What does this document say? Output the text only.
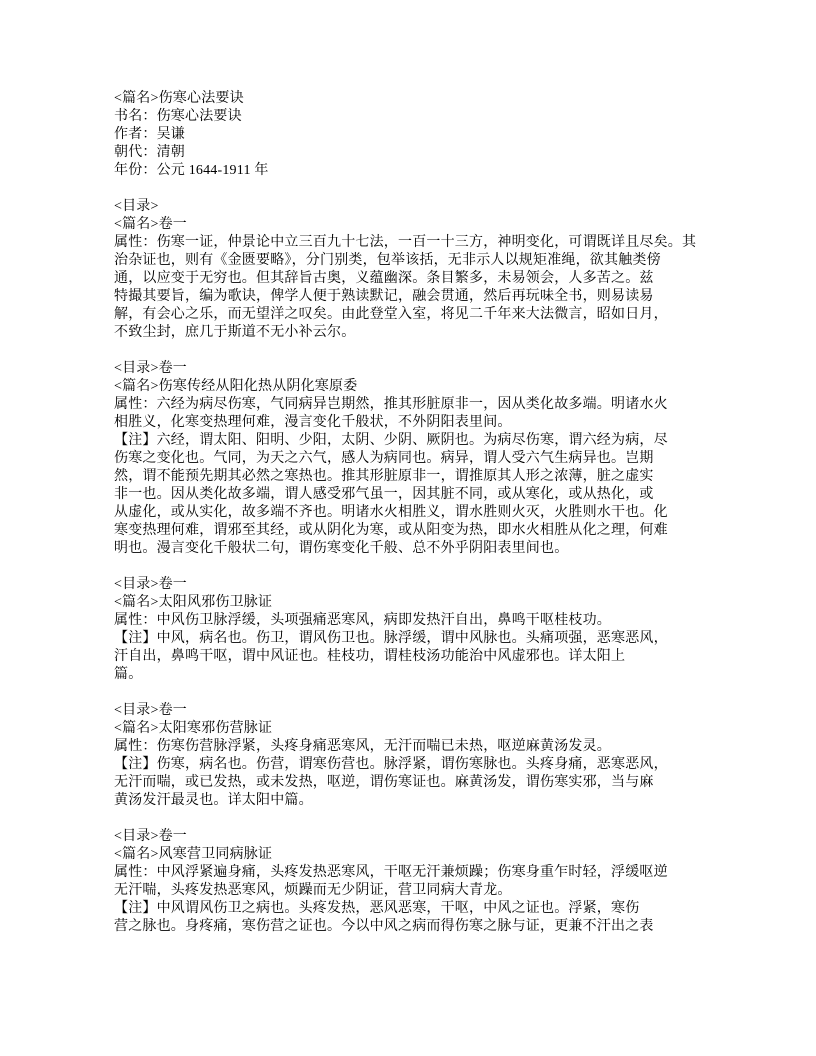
<篇名>伤寒心法要诀
书名：伤寒心法要诀
作者：吴谦
朝代：清朝
年份：公元 1644-1911 年
<目录>
<篇名>卷一
属性：伤寒一证，仲景论中立三百九十七法，一百一十三方，神明变化，可谓既详且尽矣。其
治杂证也，则有《金匮要略》，分门别类，包举该括，无非示人以规矩准绳，欲其触类傍
通，以应变于无穷也。但其辞旨古奥，义蕴幽深。条目繁多，未易领会，人多苦之。兹
特撮其要旨，编为歌诀，俾学人便于熟读默记，融会贯通，然后再玩味全书，则易读易
解，有会心之乐，而无望洋之叹矣。由此登堂入室，将见二千年来大法微言，昭如日月，
不致尘封，庶几于斯道不无小补云尔。
<目录>卷一
<篇名>伤寒传经从阳化热从阴化寒原委
属性：六经为病尽伤寒，气同病异岂期然，推其形脏原非一，因从类化故多端。明诸水火
相胜义，化寒变热理何难，漫言变化千般状，不外阴阳表里间。
【注】六经，谓太阳、阳明、少阳，太阴、少阴、厥阴也。为病尽伤寒，谓六经为病，尽
伤寒之变化也。气同，为天之六气，感人为病同也。病异，谓人受六气生病异也。岂期
然，谓不能预先期其必然之寒热也。推其形脏原非一，谓推原其人形之浓薄，脏之虚实
非一也。因从类化故多端，谓人感受邪气虽一，因其脏不同，或从寒化，或从热化，或
从虚化，或从实化，故多端不齐也。明诸水火相胜义，谓水胜则火灭，火胜则水干也。化
寒变热理何难，谓邪至其经，或从阴化为寒，或从阳变为热，即水火相胜从化之理，何难
明也。漫言变化千般状二句，谓伤寒变化千般、总不外乎阴阳表里间也。
<目录>卷一
<篇名>太阳风邪伤卫脉证
属性：中风伤卫脉浮缓，头项强痛恶寒风，病即发热汗自出，鼻鸣干呕桂枝功。
【注】中风，病名也。伤卫，谓风伤卫也。脉浮缓，谓中风脉也。头痛项强，恶寒恶风，
汗自出，鼻鸣干呕，谓中风证也。桂枝功，谓桂枝汤功能治中风虚邪也。详太阳上
篇。
<目录>卷一
<篇名>太阳寒邪伤营脉证
属性：伤寒伤营脉浮紧，头疼身痛恶寒风，无汗而喘已未热，呕逆麻黄汤发灵。
【注】伤寒，病名也。伤营，谓寒伤营也。脉浮紧，谓伤寒脉也。头疼身痛，恶寒恶风，
无汗而喘，或已发热，或未发热，呕逆，谓伤寒证也。麻黄汤发，谓伤寒实邪，当与麻
黄汤发汗最灵也。详太阳中篇。
<目录>卷一
<篇名>风寒营卫同病脉证
属性：中风浮紧遍身痛，头疼发热恶寒风，干呕无汗兼烦躁；伤寒身重乍时轻，浮缓呕逆
无汗喘，头疼发热恶寒风，烦躁而无少阴证，营卫同病大青龙。
【注】中风谓风伤卫之病也。头疼发热，恶风恶寒，干呕，中风之证也。浮紧，寒伤
营之脉也。身疼痛，寒伤营之证也。今以中风之病而得伤寒之脉与证，更兼不汗出之表
